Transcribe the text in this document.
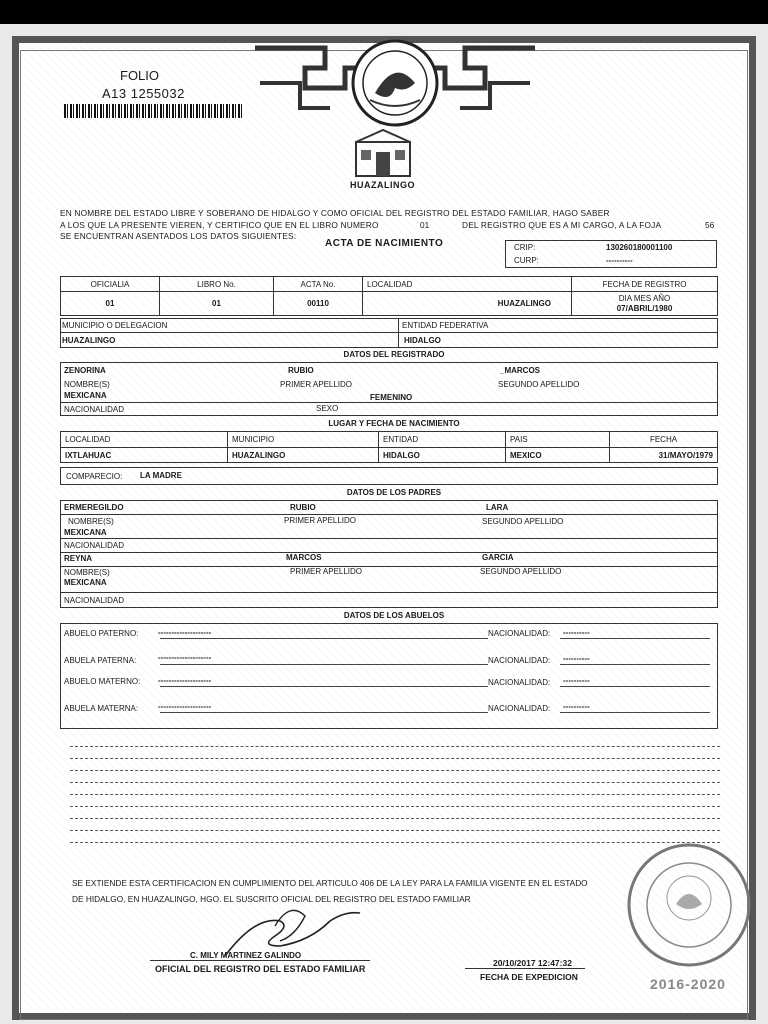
FOLIO
A13 1255032
HUAZALINGO
EN NOMBRE DEL ESTADO LIBRE Y SOBERANO DE HIDALGO Y COMO OFICIAL DEL REGISTRO DEL ESTADO FAMILIAR, HAGO SABER
A LOS QUE LA PRESENTE VIEREN, Y CERTIFICO QUE EN EL LIBRO NUMERO	01	DEL REGISTRO QUE ES A MI CARGO, A LA FOJA	56
SE ENCUENTRAN ASENTADOS LOS DATOS SIGUIENTES:
ACTA DE NACIMIENTO	CRIP:	130260180001100
CURP:	----------
OFICIALIA	LIBRO No.	ACTA No.	LOCALIDAD	FECHA DE REGISTRO
01	01	00110	HUAZALINGO	DIA MES AÑO
07/ABRIL/1980
MUNICIPIO O DELEGACION
HUAZALINGO
ENTIDAD FEDERATIVA
HIDALGO
DATOS DEL REGISTRADO
ZENORINA	RUBIO	_MARCOS
NOMBRE(S)	PRIMER APELLIDO	SEGUNDO APELLIDO
MEXICANA	FEMENINO
NACIONALIDAD	SEXO
LUGAR Y FECHA DE NACIMIENTO
LOCALIDAD	MUNICIPIO	ENTIDAD	PAIS	FECHA
IXTLAHUAC	HUAZALINGO	HIDALGO	MEXICO	31/MAYO/1979
COMPARECIO: LA MADRE
DATOS DE LOS PADRES
ERMEREGILDO	RUBIO	LARA
NOMBRE(S)	PRIMER APELLIDO	SEGUNDO APELLIDO
MEXICANA
NACIONALIDAD
REYNA	MARCOS	GARCIA
NOMBRE(S)	PRIMER APELLIDO	SEGUNDO APELLIDO
MEXICANA
NACIONALIDAD
DATOS DE LOS ABUELOS
ABUELO PATERNO: --------------------	NACIONALIDAD: ----------
ABUELA PATERNA:	--------------------	NACIONALIDAD: ----------
ABUELO MATERNO: --------------------	NACIONALIDAD: ----------
ABUELA MATERNA: --------------------	NACIONALIDAD: ----------
SE EXTIENDE ESTA CERTIFICACION EN CUMPLIMIENTO DEL ARTICULO 406 DE LA LEY PARA LA FAMILIA VIGENTE EN EL ESTADO
DE HIDALGO, EN HUAZALINGO, HGO. EL SUSCRITO OFICIAL DEL REGISTRO DEL ESTADO FAMILIAR
C. MILY MARTINEZ GALINDO
OFICIAL DEL REGISTRO DEL ESTADO FAMILIAR
20/10/2017 12:47:32
FECHA DE EXPEDICION	2016-2020
